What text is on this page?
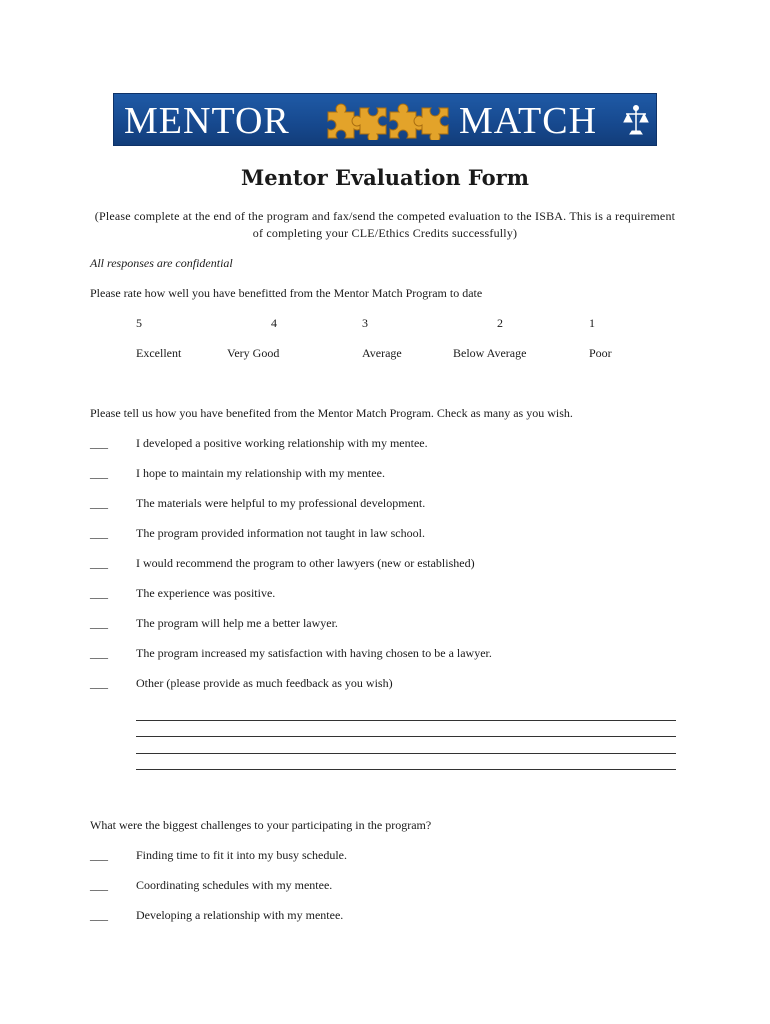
MENTOR	MATCH
Mentor Evaluation Form
(Please complete at the end of the program and fax/send the competed evaluation to the ISBA. This is a requirement of completing your CLE/Ethics Credits successfully)
All responses are confidential
Please rate how well you have benefitted from the Mentor Match Program to date
5	4	3	2	1
Excellent	Very Good	Average	Below Average	Poor
Please tell us how you have benefited from the Mentor Match Program. Check as many as you wish.
___ I developed a positive working relationship with my mentee.
___ I hope to maintain my relationship with my mentee.
___ The materials were helpful to my professional development.
___ The program provided information not taught in law school.
___ I would recommend the program to other lawyers (new or established)
___ The experience was positive.
___ The program will help me a better lawyer.
___ The program increased my satisfaction with having chosen to be a lawyer.
___ Other (please provide as much feedback as you wish)
What were the biggest challenges to your participating in the program?
___ Finding time to fit it into my busy schedule.
___ Coordinating schedules with my mentee.
___ Developing a relationship with my mentee.
